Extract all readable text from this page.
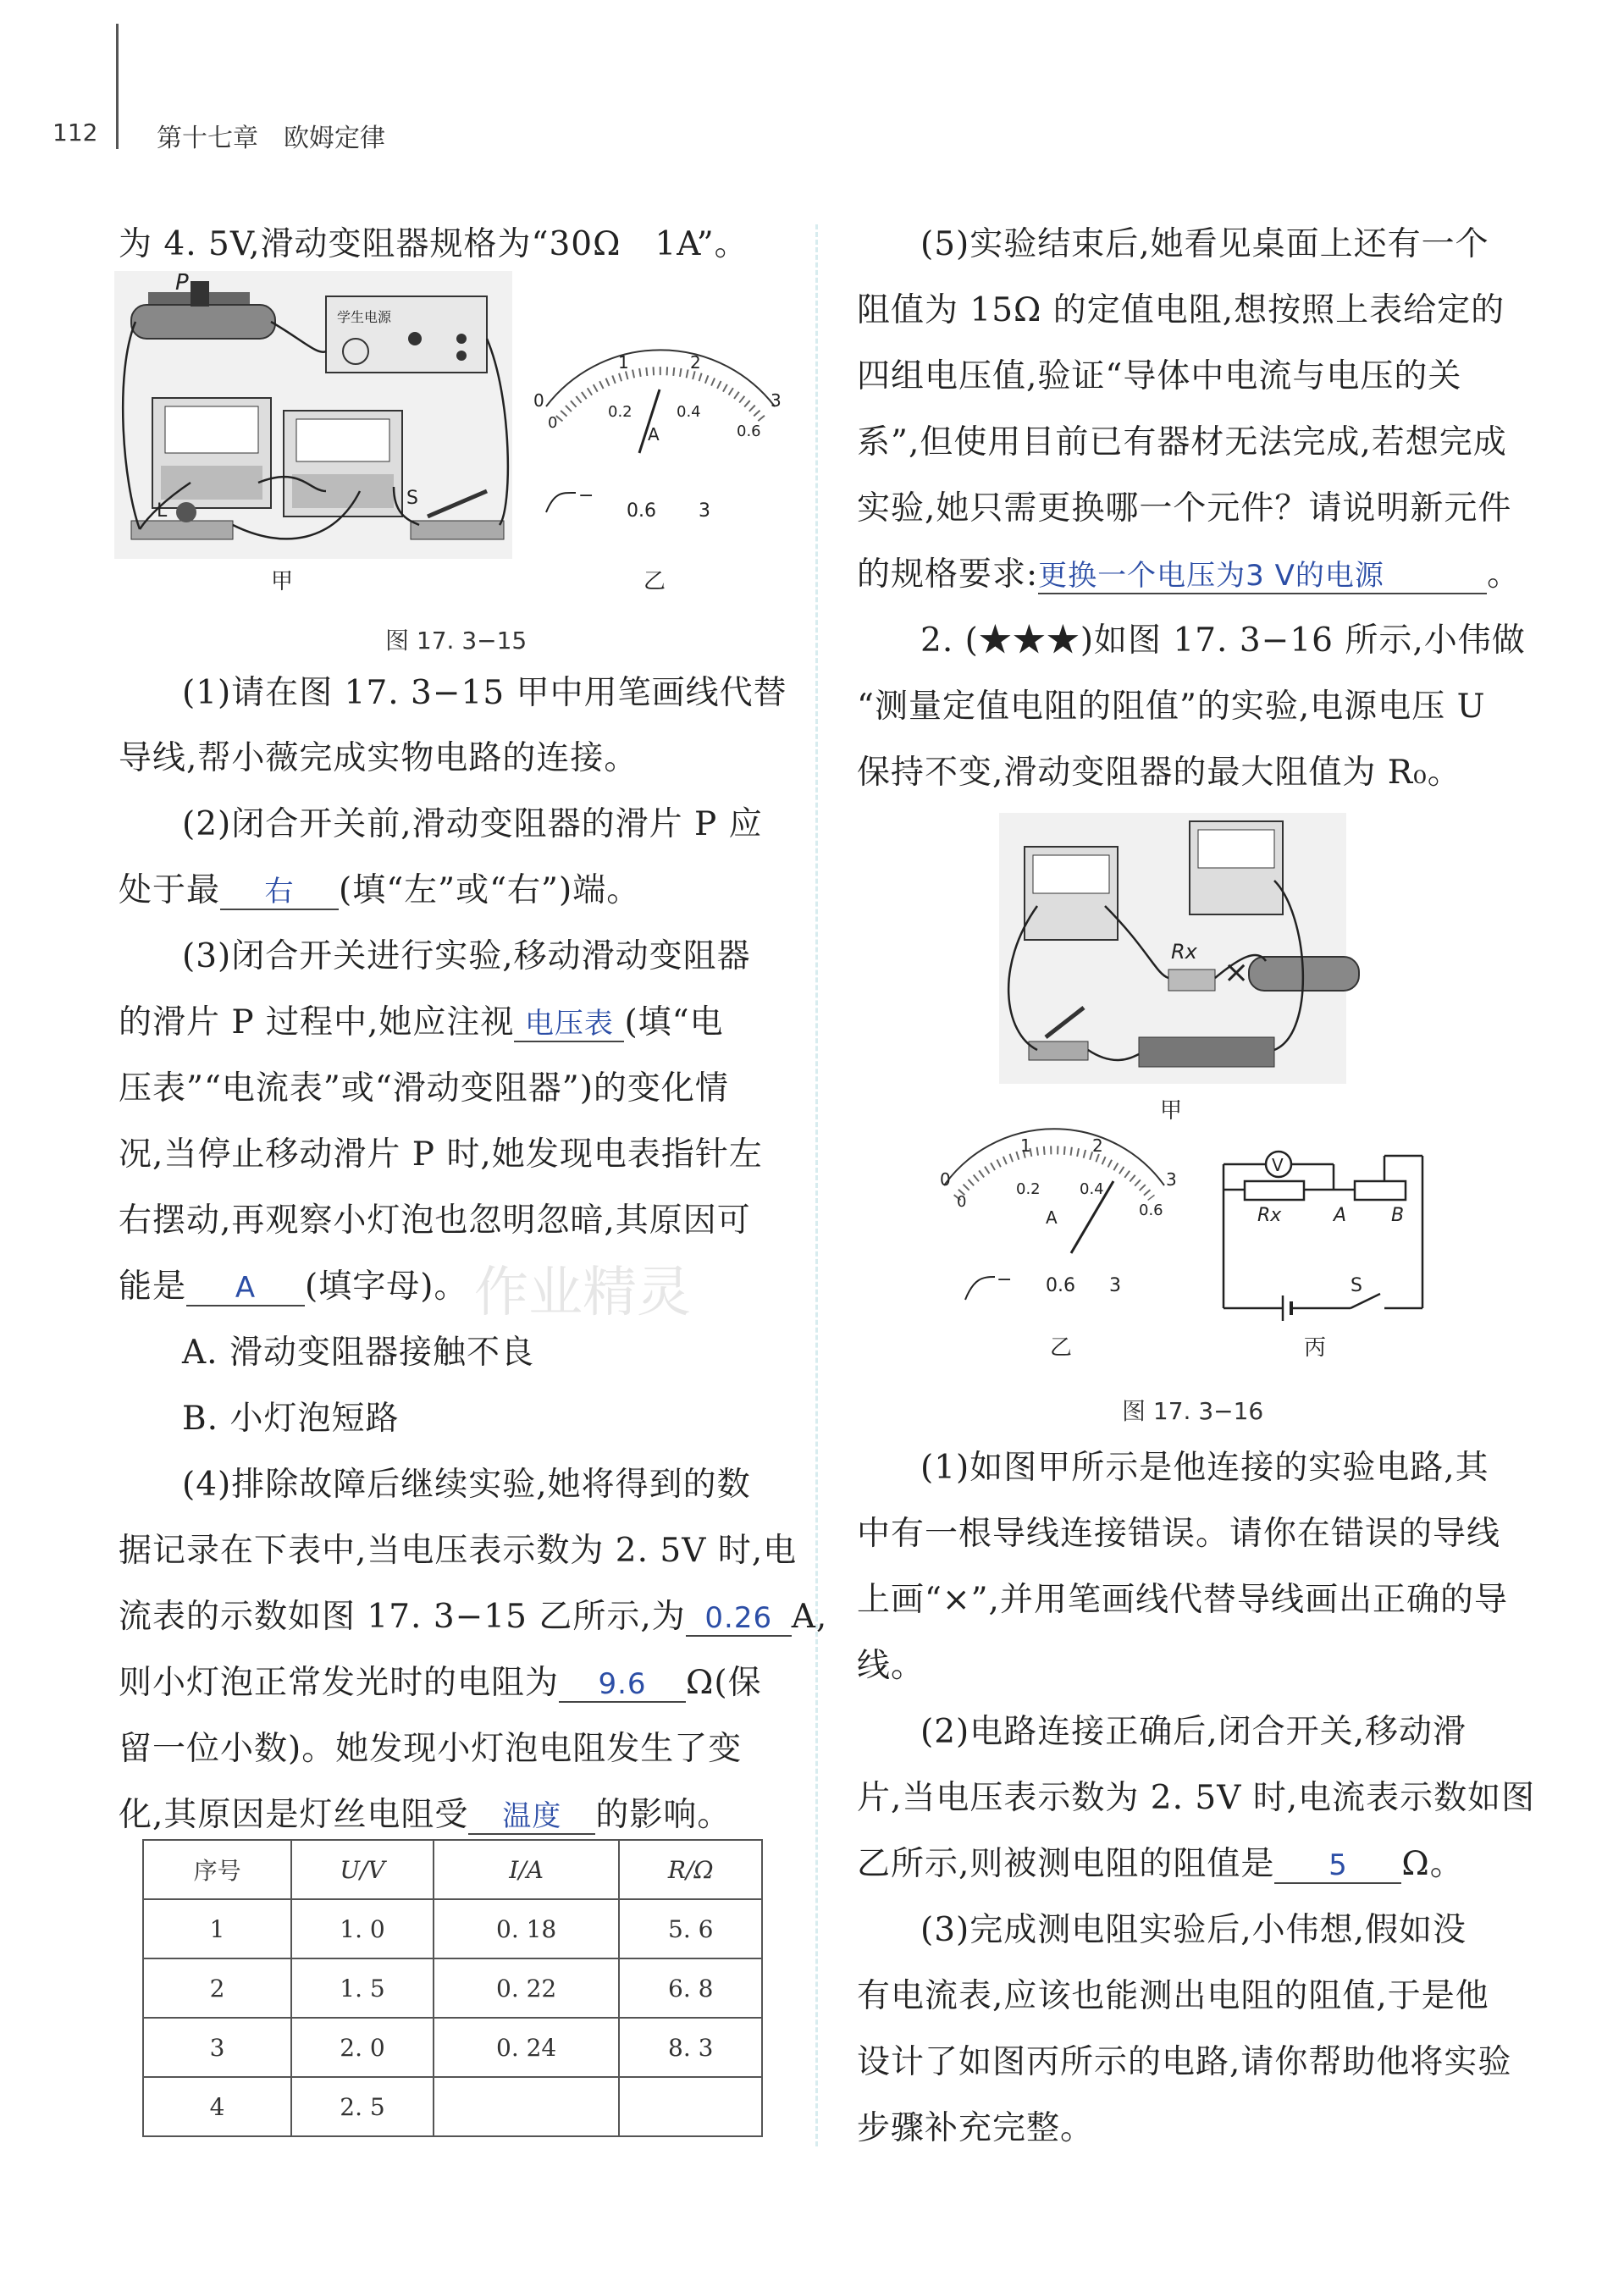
112 第十七章　欧姆定律
为 4. 5V,滑动变阻器规格为“30Ω　1A”。
P
学生电源
L
S
0
1	2
3
0
0.2	0.4
0.6
A
−
0.6 3
甲	乙
图 17. 3−15
(1)请在图 17. 3−15 甲中用笔画线代替
导线,帮小薇完成实物电路的连接。
(2)闭合开关前,滑动变阻器的滑片 P 应
处于最 右 (填“左”或“右”)端。
(3)闭合开关进行实验,移动滑动变阻器
的滑片 P 过程中,她应注视 电压表 (填“电
压表”“电流表”或“滑动变阻器”)的变化情
况,当停止移动滑片 P 时,她发现电表指针左
右摆动,再观察小灯泡也忽明忽暗,其原因可
能是 A (填字母)。 作业精灵
A. 滑动变阻器接触不良
B. 小灯泡短路
(4)排除故障后继续实验,她将得到的数
据记录在下表中,当电压表示数为 2. 5V 时,电
流表的示数如图 17. 3−15 乙所示,为 0.26 A,
则小灯泡正常发光时的电阻为 9.6 Ω(保
留一位小数)。她发现小灯泡电阻发生了变
化,其原因是灯丝电阻受 温度 的影响。
序号	U/V	I/A	R/Ω
1	1. 0	0. 18	5. 6
2	1. 5	0. 22	6. 8
3	2. 0	0. 24	8. 3
4	2. 5		
(5)实验结束后,她看见桌面上还有一个
阻值为 15Ω 的定值电阻,想按照上表给定的
四组电压值,验证“导体中电流与电压的关
系”,但使用目前已有器材无法完成,若想完成
实验,她只需更换哪一个元件？请说明新元件
的规格要求:更换一个电压为3 V的电源	。
2. (★★★)如图 17. 3−16 所示,小伟做
“测量定值电阻的阻值”的实验,电源电压 U
保持不变,滑动变阻器的最大阻值为 R₀。
Rx
×
甲
0
1	2
3
0
0.2	0.4
0.6
A
− 0.6 3
乙
V
Rx	A B
S
丙
图 17. 3−16
(1)如图甲所示是他连接的实验电路,其
中有一根导线连接错误。请你在错误的导线
上画“×”,并用笔画线代替导线画出正确的导
线。
(2)电路连接正确后,闭合开关,移动滑
片,当电压表示数为 2. 5V 时,电流表示数如图
乙所示,则被测电阻的阻值是 5 Ω。
(3)完成测电阻实验后,小伟想,假如没
有电流表,应该也能测出电阻的阻值,于是他
设计了如图丙所示的电路,请你帮助他将实验
步骤补充完整。
